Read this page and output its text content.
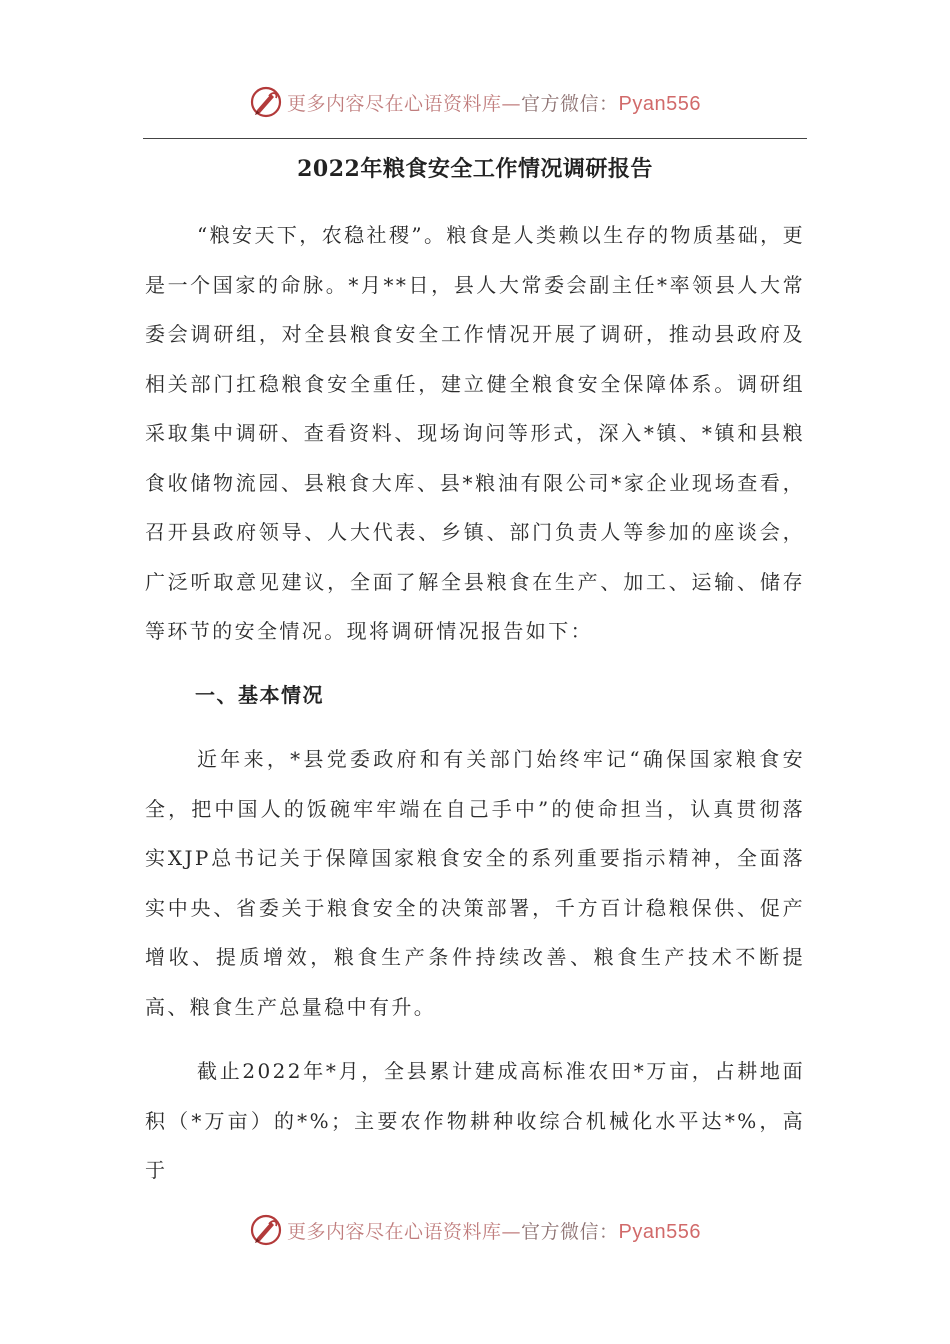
更多内容尽在心语资料库—官方微信：Pyan556
2022年粮食安全工作情况调研报告

“粮安天下，农稳社稷”。粮食是人类赖以生存的物质基础，更是一个国家的命脉。*月**日，县人大常委会副主任*率领县人大常委会调研组，对全县粮食安全工作情况开展了调研，推动县政府及相关部门扛稳粮食安全重任，建立健全粮食安全保障体系。调研组采取集中调研、查看资料、现场询问等形式，深入*镇、*镇和县粮食收储物流园、县粮食大库、县*粮油有限公司*家企业现场查看，召开县政府领导、人大代表、乡镇、部门负责人等参加的座谈会，广泛听取意见建议，全面了解全县粮食在生产、加工、运输、储存等环节的安全情况。现将调研情况报告如下：

一、基本情况

近年来，*县党委政府和有关部门始终牢记“确保国家粮食安全，把中国人的饭碗牢牢端在自己手中”的使命担当，认真贯彻落实XJP总书记关于保障国家粮食安全的系列重要指示精神，全面落实中央、省委关于粮食安全的决策部署，千方百计稳粮保供、促产增收、提质增效，粮食生产条件持续改善、粮食生产技术不断提高、粮食生产总量稳中有升。

截止2022年*月，全县累计建成高标准农田*万亩，占耕地面积（*万亩）的*%；主要农作物耕种收综合机械化水平达*%，高于

更多内容尽在心语资料库—官方微信：Pyan556
